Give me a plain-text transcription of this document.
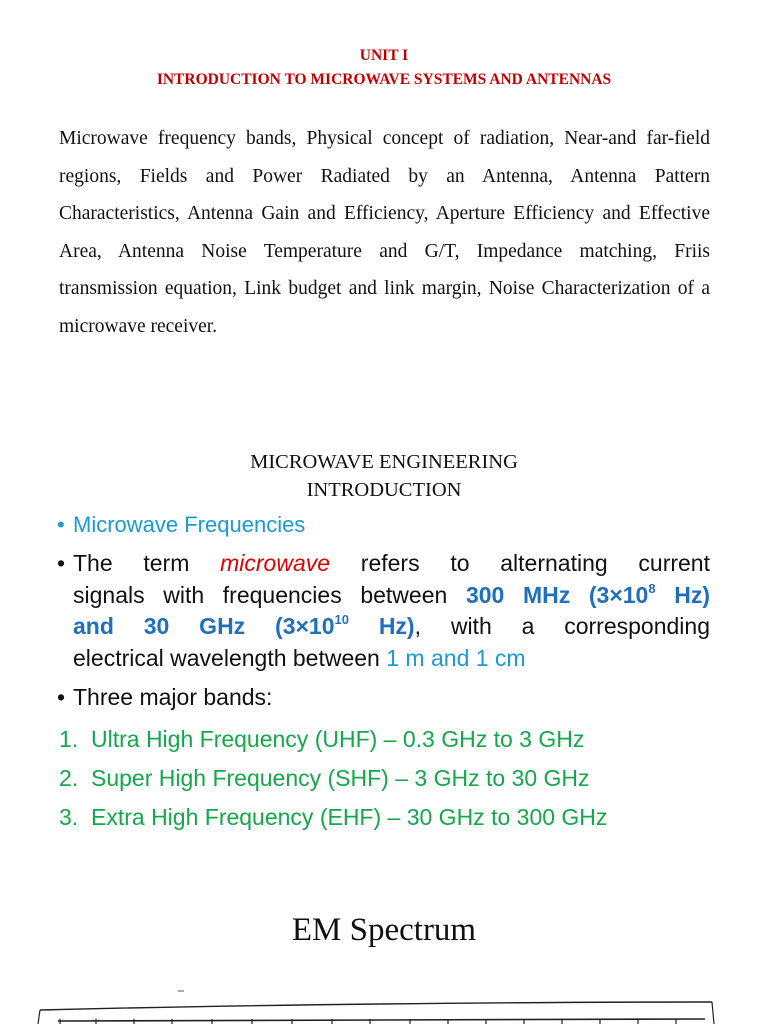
UNIT I
INTRODUCTION TO MICROWAVE SYSTEMS AND ANTENNAS

Microwave frequency bands, Physical concept of radiation, Near-and far-field regions, Fields and Power Radiated by an Antenna, Antenna Pattern Characteristics, Antenna Gain and Efficiency, Aperture Efficiency and Effective Area, Antenna Noise Temperature and G/T, Impedance matching, Friis transmission equation, Link budget and link margin, Noise Characterization of a microwave receiver.

MICROWAVE ENGINEERING
INTRODUCTION
• Microwave Frequencies
• The term microwave refers to alternating current
signals with frequencies between 300 MHz ($3\times 10^8$ Hz)
and 30 GHz ($3\times 10^{10}$ Hz), with a corresponding
electrical wavelength between 1 m and 1 cm
• Three major bands:
1. Ultra High Frequency (UHF) – 0.3 GHz to 3 GHz
2. Super High Frequency (SHF) – 3 GHz to 30 GHz
3. Extra High Frequency (EHF) – 30 GHz to 300 GHz
EM Spectrum
